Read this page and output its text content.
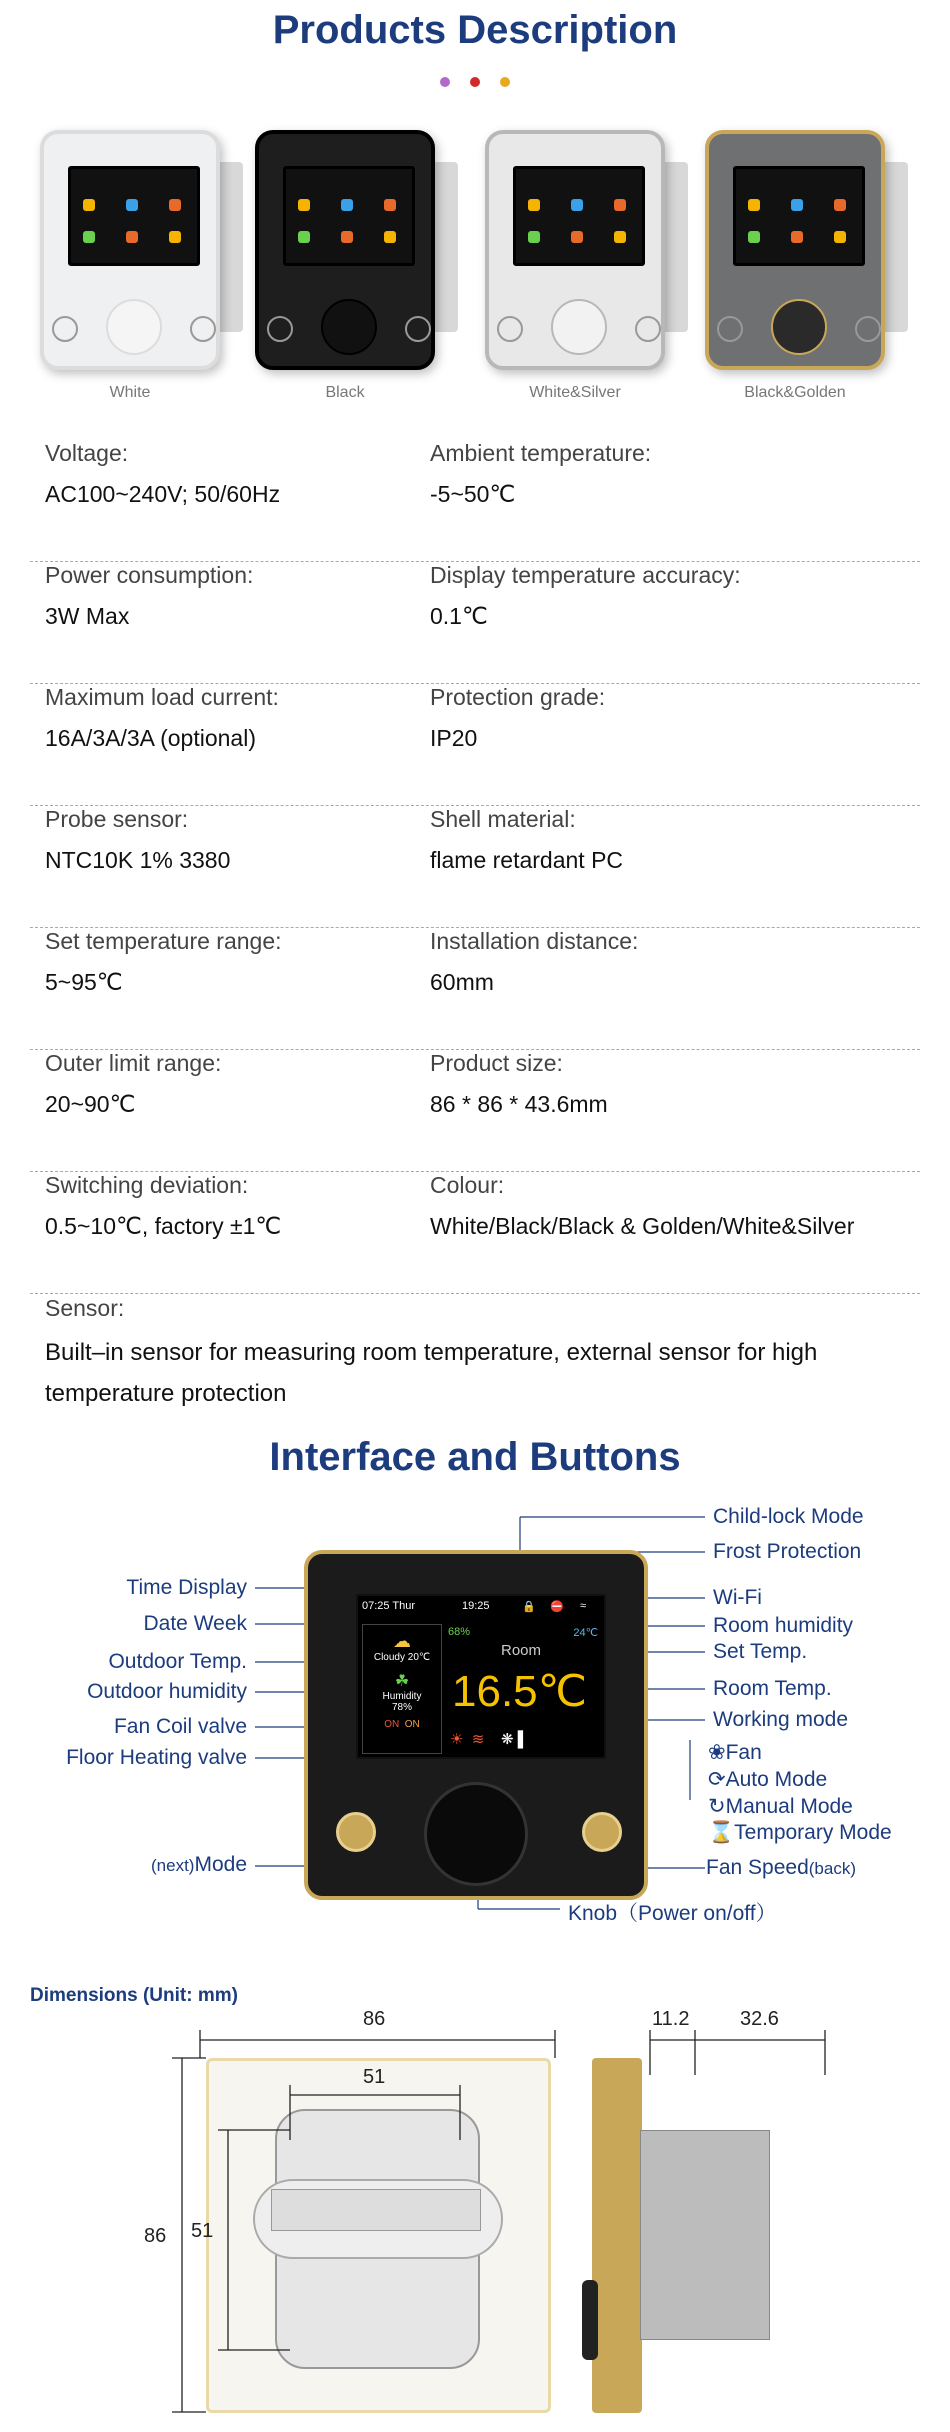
Products Description
White	Black	White&Silver	Black&Golden
Voltage:
AC100~240V; 50/60Hz
Ambient temperature:
-5~50℃
Power consumption:
3W Max
Display temperature accuracy:
0.1℃
Maximum load current:
16A/3A/3A (optional)
Protection grade:
IP20
Probe sensor:
NTC10K 1% 3380
Shell material:
flame retardant PC
Set temperature range:
5~95℃
Installation distance:
60mm
Outer limit range:
20~90℃
Product size:
86 * 86 * 43.6mm
Switching deviation:
0.5~10℃, factory ±1℃
Colour:
White/Black/Black & Golden/White&Silver
Sensor:
Built–in sensor for measuring room temperature, external sensor for high temperature protection
Interface and Buttons
07:25 Thur	19:25	🔒 ⛔ ≈
☁
Cloudy 20℃
☘
Humidity
78%
ON ON
68%	24℃
Room
16.5℃
☀  ≋    ❋ ▌
Time Display
Date Week
Outdoor Temp.
Outdoor humidity
Fan Coil valve
Floor Heating valve
(next)Mode
Child-lock Mode
Frost Protection
Wi-Fi
Room humidity
Set Temp.
Room Temp.
Working mode
❀Fan
⟳Auto Mode
↻Manual Mode
⌛Temporary Mode
Fan Speed(back)
Knob（Power on/off）
Dimensions (Unit: mm)
86
51
86 51
11.2	32.6
